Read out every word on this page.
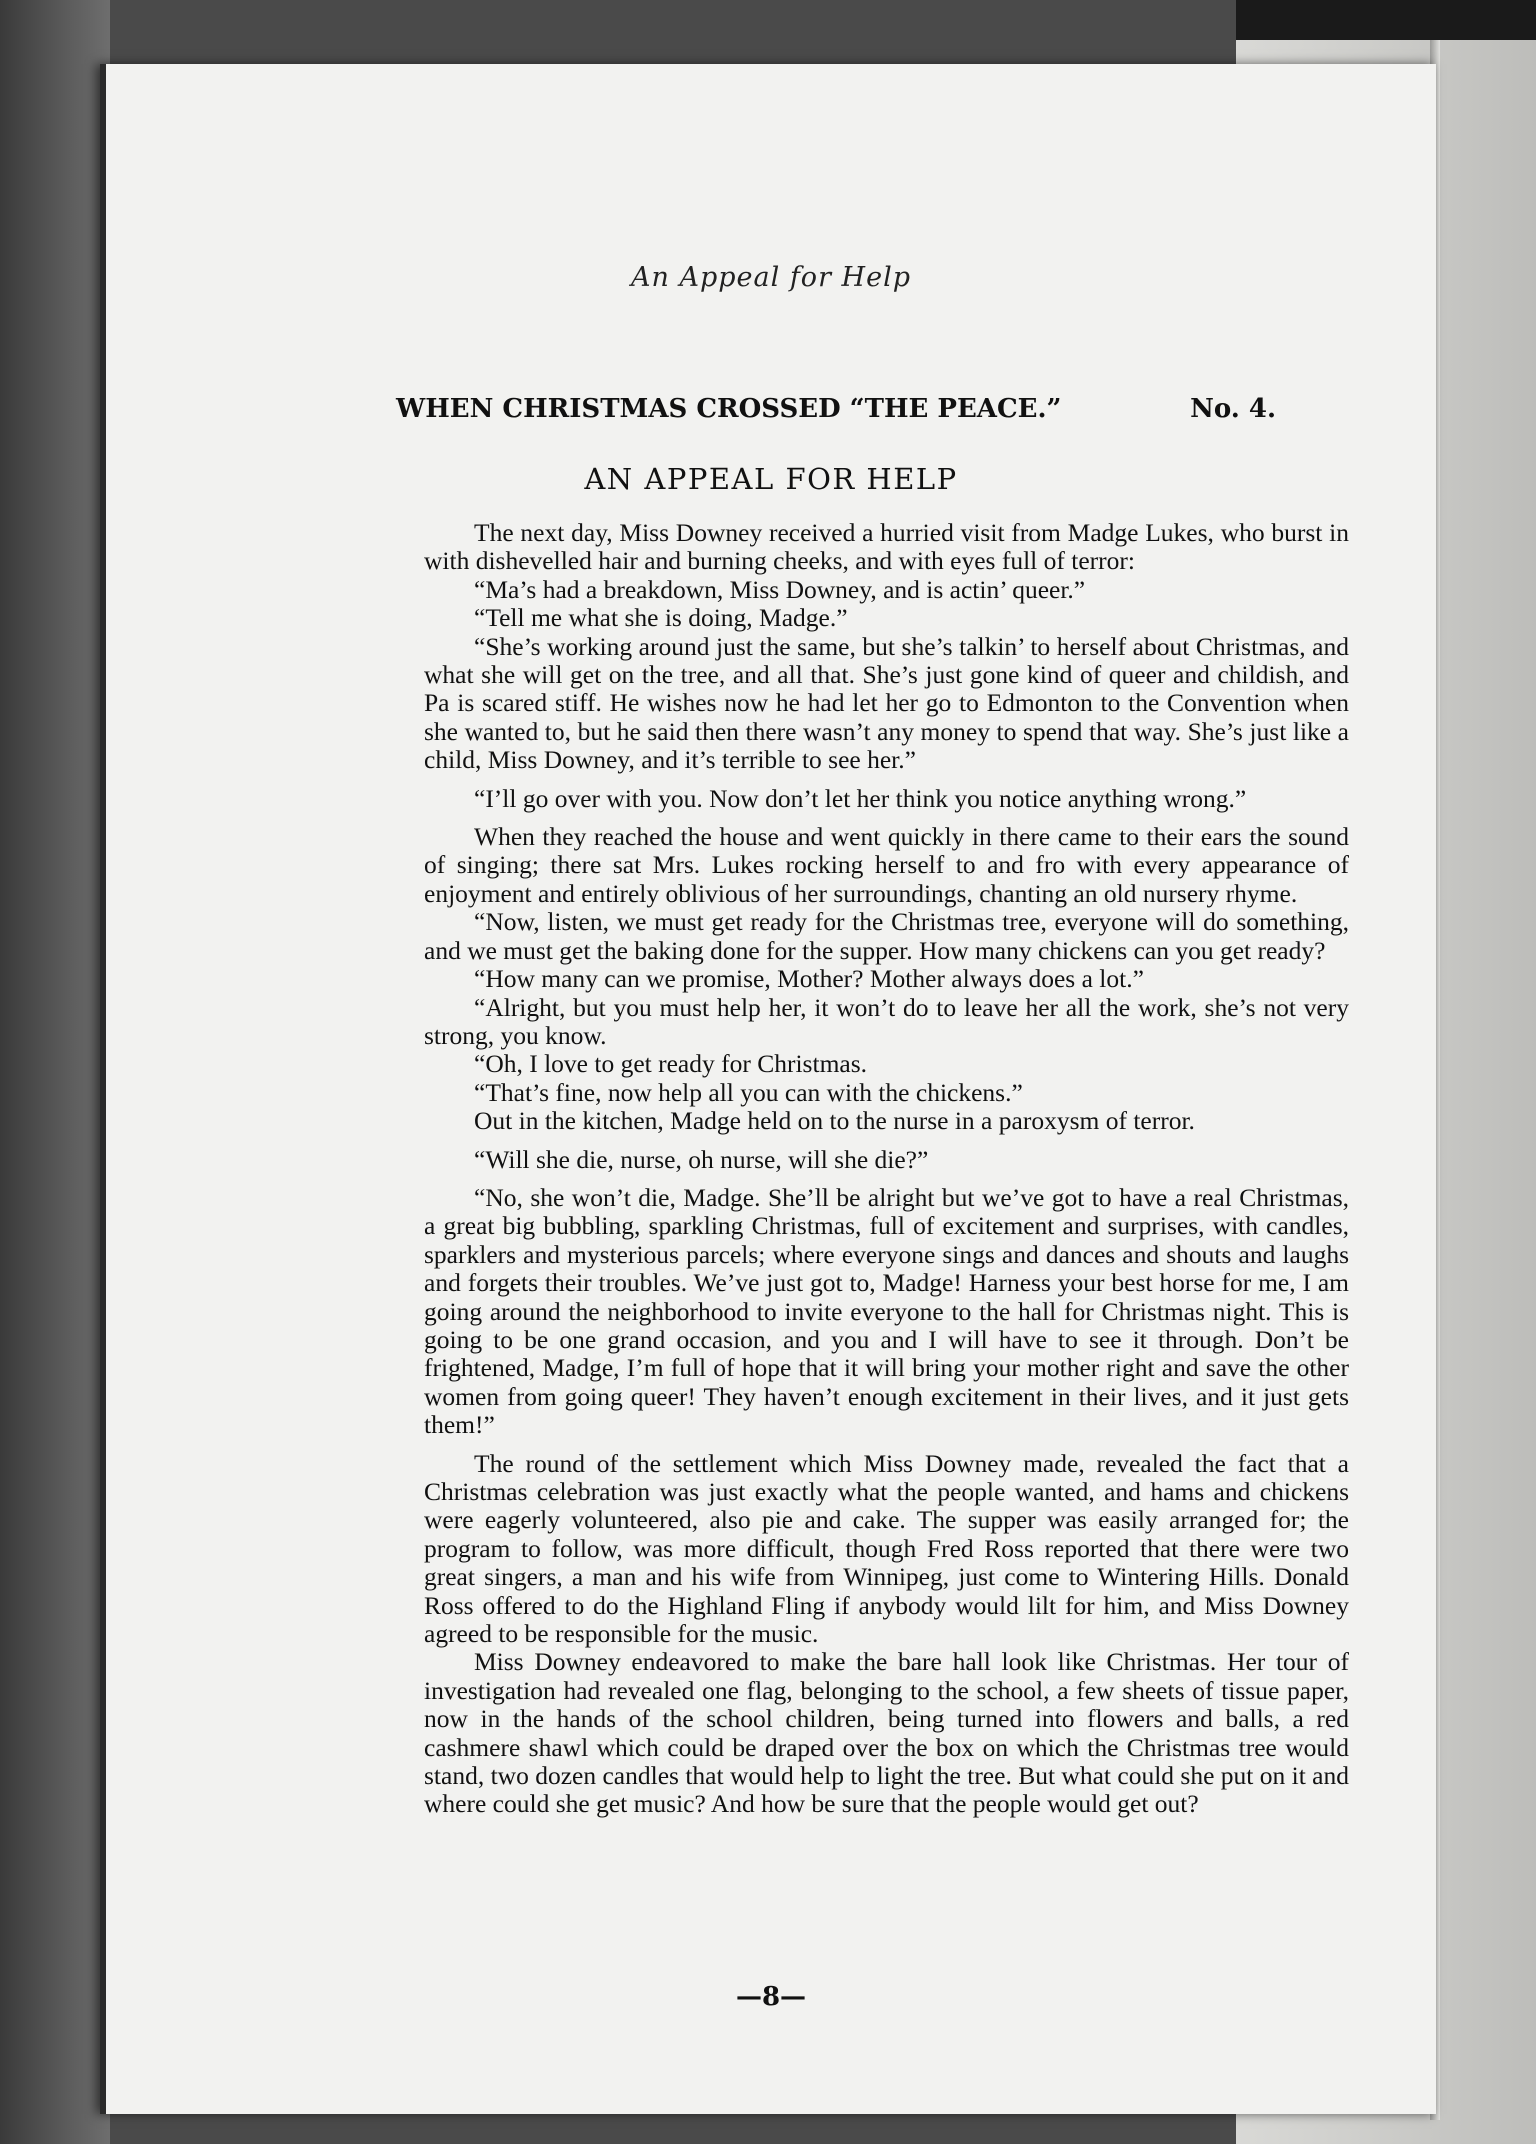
An Appeal for Help
WHEN CHRISTMAS CROSSED “THE PEACE.”	No. 4.
AN APPEAL FOR HELP

The next day, Miss Downey received a hurried visit from Madge Lukes, who burst in with dishevelled hair and burning cheeks, and with eyes full of terror:

“Ma’s had a breakdown, Miss Downey, and is actin’ queer.”

“Tell me what she is doing, Madge.”

“She’s working around just the same, but she’s talkin’ to herself about Christmas, and what she will get on the tree, and all that. She’s just gone kind of queer and childish, and Pa is scared stiff. He wishes now he had let her go to Edmonton to the Convention when she wanted to, but he said then there wasn’t any money to spend that way. She’s just like a child, Miss Downey, and it’s terrible to see her.”

“I’ll go over with you. Now don’t let her think you notice anything wrong.”

When they reached the house and went quickly in there came to their ears the sound of singing; there sat Mrs. Lukes rocking herself to and fro with every appearance of enjoyment and entirely oblivious of her surroundings, chanting an old nursery rhyme.

“Now, listen, we must get ready for the Christmas tree, everyone will do something, and we must get the baking done for the supper. How many chickens can you get ready?

“How many can we promise, Mother? Mother always does a lot.”

“Alright, but you must help her, it won’t do to leave her all the work, she’s not very strong, you know.

“Oh, I love to get ready for Christmas.

“That’s fine, now help all you can with the chickens.”

Out in the kitchen, Madge held on to the nurse in a paroxysm of terror.

“Will she die, nurse, oh nurse, will she die?”

“No, she won’t die, Madge. She’ll be alright but we’ve got to have a real Christmas, a great big bubbling, sparkling Christmas, full of excitement and surprises, with candles, sparklers and mysterious parcels; where everyone sings and dances and shouts and laughs and forgets their troubles. We’ve just got to, Madge! Harness your best horse for me, I am going around the neighborhood to invite everyone to the hall for Christmas night. This is going to be one grand occasion, and you and I will have to see it through. Don’t be frightened, Madge, I’m full of hope that it will bring your mother right and save the other women from going queer! They haven’t enough excitement in their lives, and it just gets them!”

The round of the settlement which Miss Downey made, revealed the fact that a Christmas celebration was just exactly what the people wanted, and hams and chickens were eagerly volunteered, also pie and cake. The supper was easily arranged for; the program to follow, was more difficult, though Fred Ross reported that there were two great singers, a man and his wife from Winnipeg, just come to Wintering Hills. Donald Ross offered to do the Highland Fling if anybody would lilt for him, and Miss Downey agreed to be responsible for the music.

Miss Downey endeavored to make the bare hall look like Christmas. Her tour of investigation had revealed one flag, belonging to the school, a few sheets of tissue paper, now in the hands of the school children, being turned into flowers and balls, a red cashmere shawl which could be draped over the box on which the Christmas tree would stand, two dozen candles that would help to light the tree. But what could she put on it and where could she get music? And how be sure that the people would get out?

—8—
